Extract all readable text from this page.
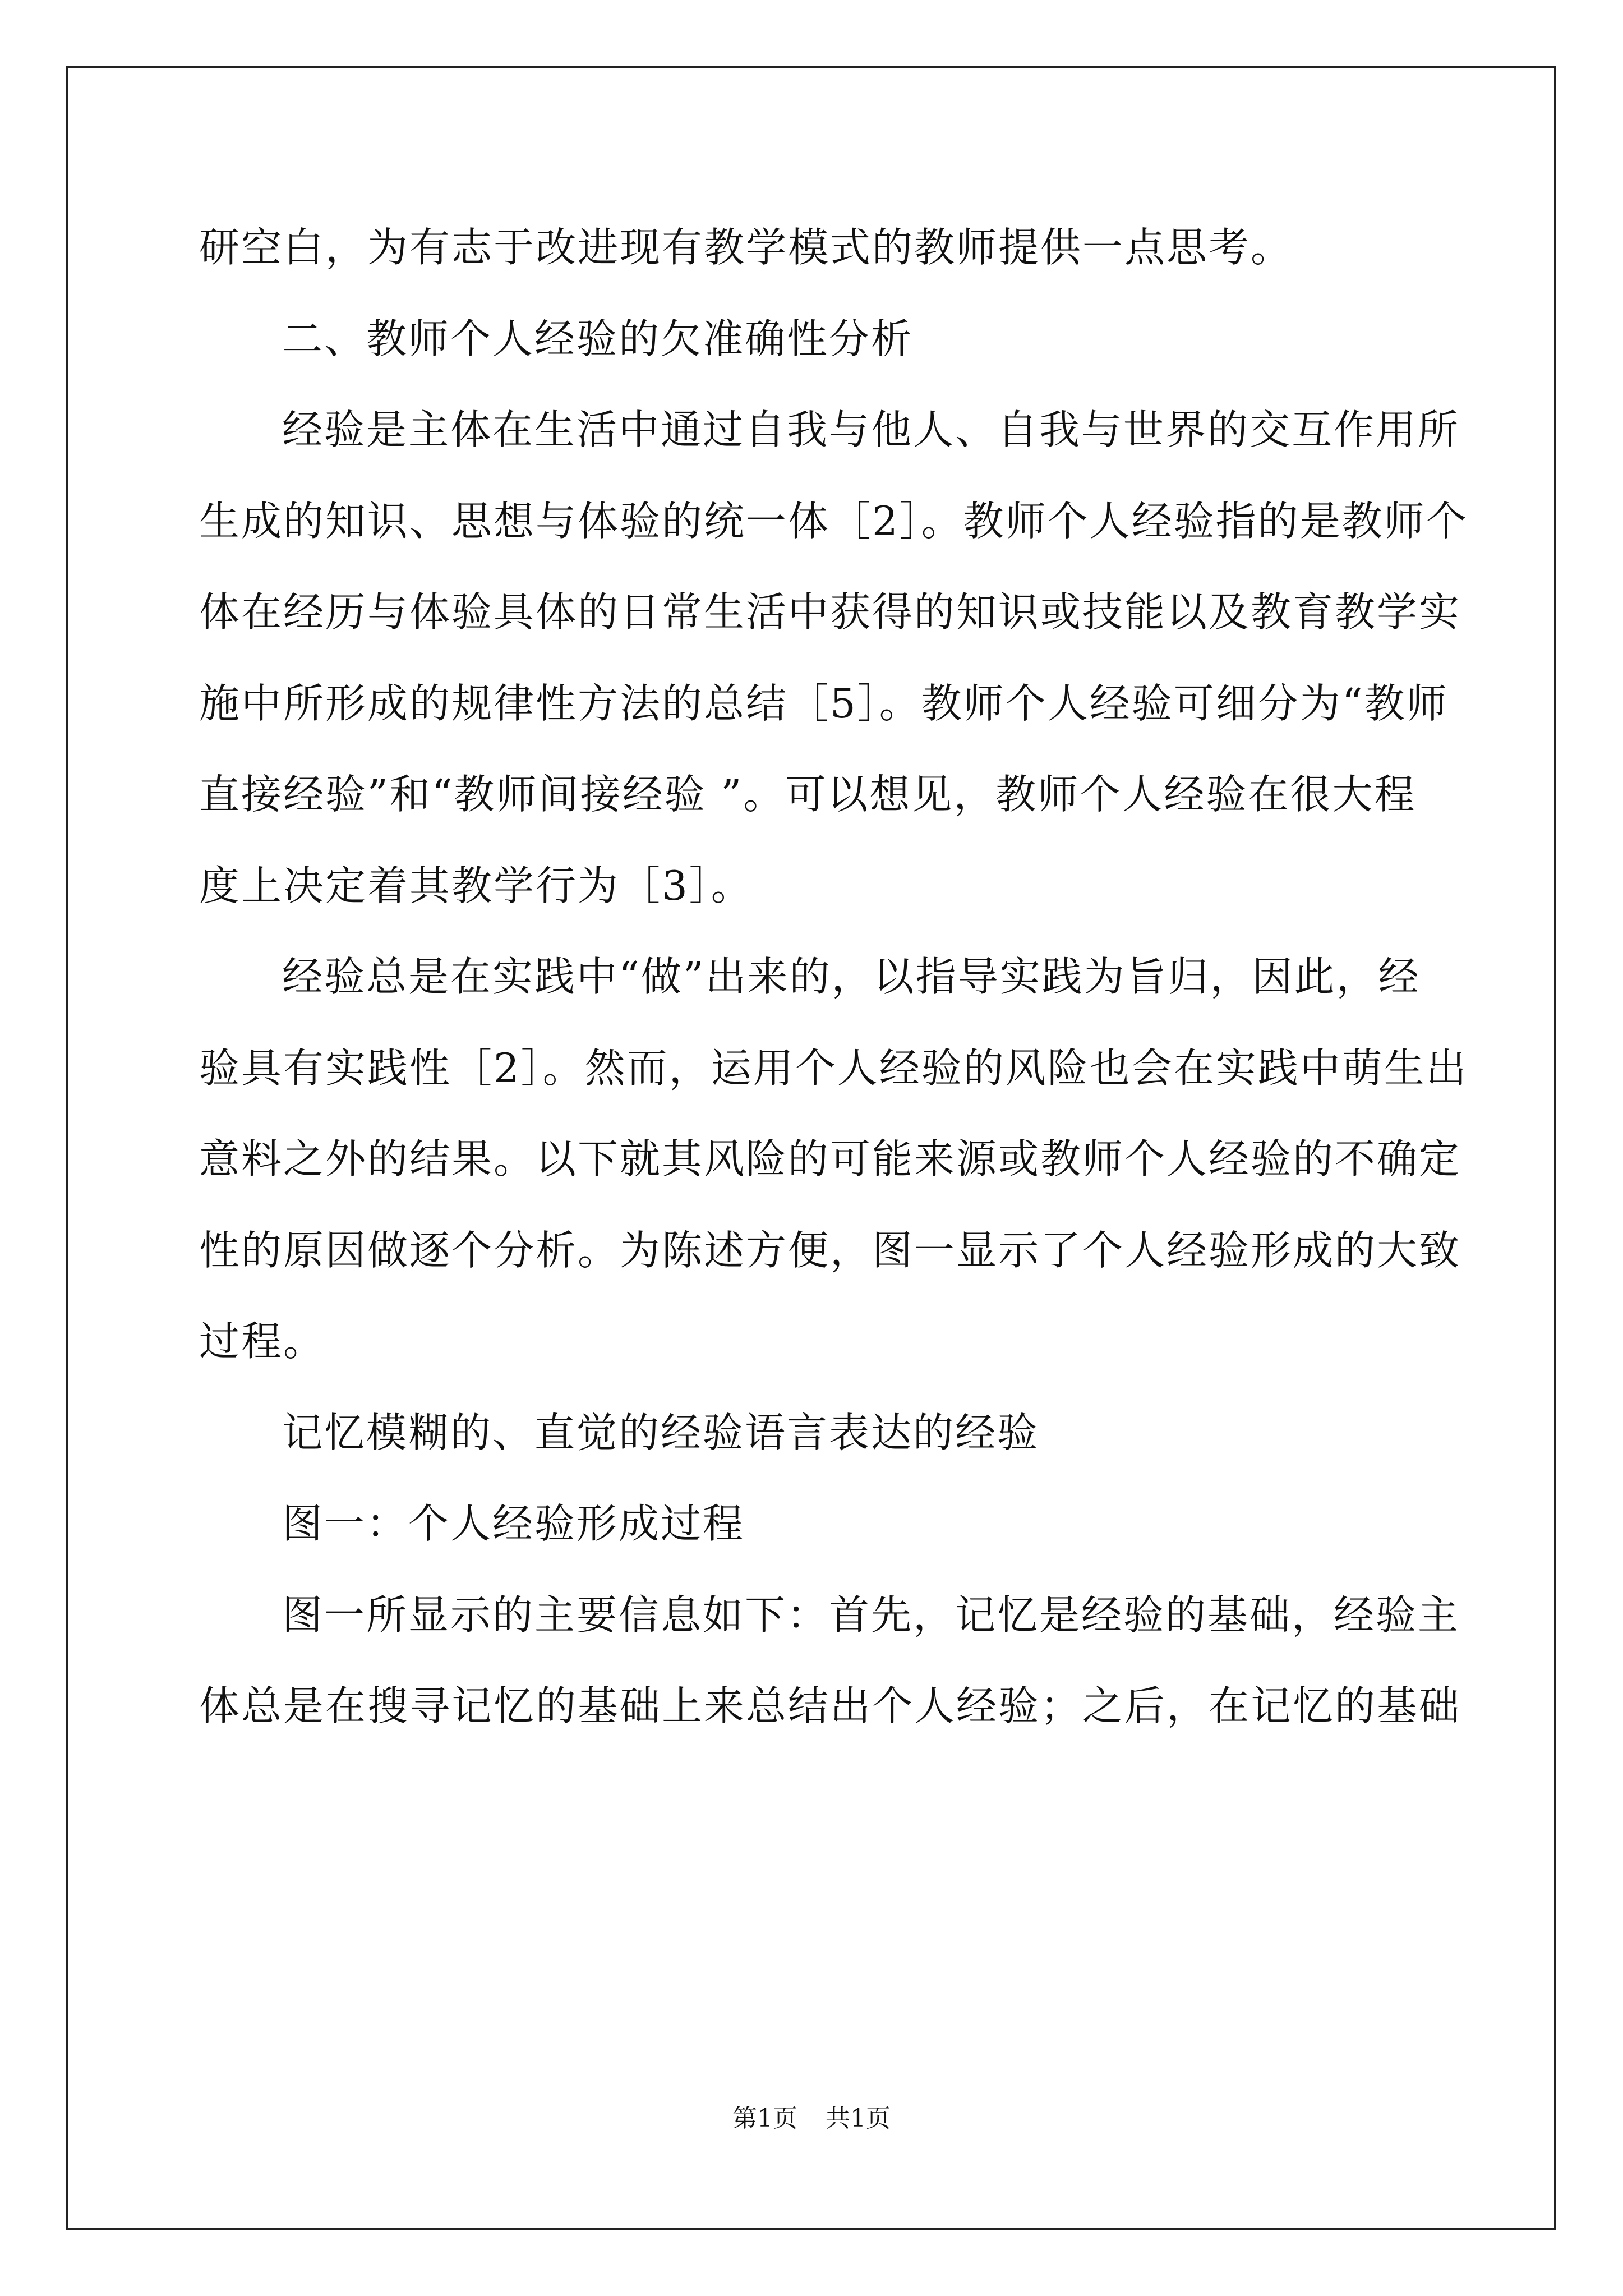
研空白，为有志于改进现有教学模式的教师提供一点思考。
二、教师个人经验的欠准确性分析
经验是主体在生活中通过自我与他人、自我与世界的交互作用所
生成的知识、思想与体验的统一体［2］。教师个人经验指的是教师个
体在经历与体验具体的日常生活中获得的知识或技能以及教育教学实
施中所形成的规律性方法的总结［5］。教师个人经验可细分为“教师
直接经验”和“教师间接经验 ”。可以想见，教师个人经验在很大程
度上决定着其教学行为［3］。
经验总是在实践中“做”出来的，以指导实践为旨归，因此，经
验具有实践性［2］。然而，运用个人经验的风险也会在实践中萌生出
意料之外的结果。以下就其风险的可能来源或教师个人经验的不确定
性的原因做逐个分析。为陈述方便，图一显示了个人经验形成的大致
过程。
记忆模糊的、直觉的经验语言表达的经验
图一：个人经验形成过程
图一所显示的主要信息如下：首先，记忆是经验的基础，经验主
体总是在搜寻记忆的基础上来总结出个人经验；之后，在记忆的基础
第1页 共1页
